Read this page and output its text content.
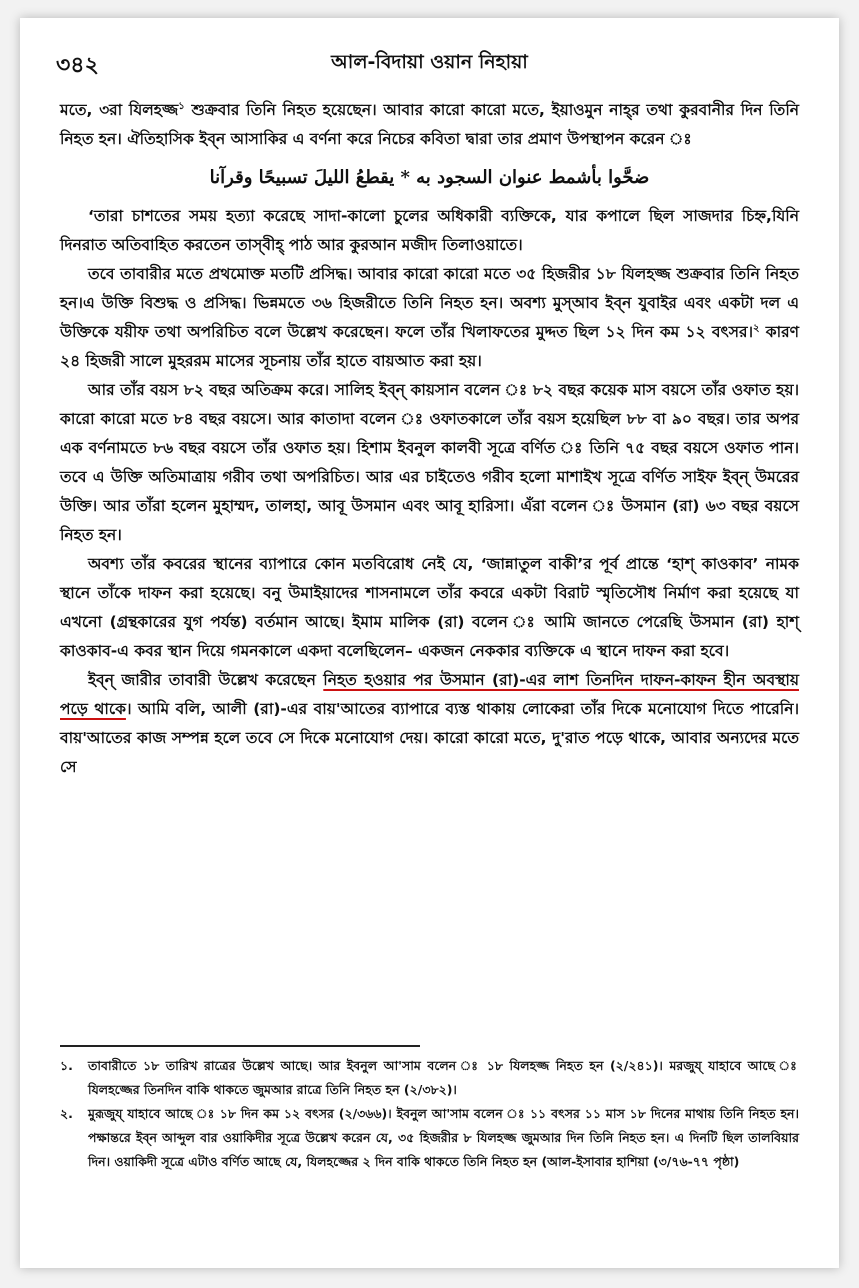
৩৪২	আল-বিদায়া ওয়ান নিহায়া

মতে, ৩রা যিলহজ্জ$^১$ শুক্রবার তিনি নিহত হয়েছেন। আবার কারো কারো মতে, ইয়াওমুন নাহ্‌র তথা কুরবানীর দিন তিনি নিহত হন। ঐতিহাসিক ইব্‌ন আসাকির এ বর্ণনা করে নিচের কবিতা দ্বারা তার প্রমাণ উপস্থাপন করেন ঃ

ضحَّوا بأشمط عنوان السجود به * يقطعُ الليلَ تسبيحًا وقرآنا

‘তারা চাশতের সময় হত্যা করেছে সাদা-কালো চুলের অধিকারী ব্যক্তিকে, যার কপালে ছিল সাজদার চিহ্ন,যিনি দিনরাত অতিবাহিত করতেন তাস্‌বীহ্ পাঠ আর কুরআন মজীদ তিলাওয়াতে।

তবে তাবারীর মতে প্রথমোক্ত মতটি প্রসিদ্ধ। আবার কারো কারো মতে ৩৫ হিজরীর ১৮ যিলহজ্জ শুক্রবার তিনি নিহত হন।এ উক্তি বিশুদ্ধ ও প্রসিদ্ধ। ভিন্নমতে ৩৬ হিজরীতে তিনি নিহত হন। অবশ্য মুস্‌আব ইব্‌ন যুবাইর এবং একটা দল এ উক্তিকে যয়ীফ তথা অপরিচিত বলে উল্লেখ করেছেন। ফলে তাঁর খিলাফতের মুদ্দত ছিল ১২ দিন কম ১২ বৎসর।$^২$ কারণ ২৪ হিজরী সালে মুহররম মাসের সূচনায় তাঁর হাতে বায়আত করা হয়।

আর তাঁর বয়স ৮২ বছর অতিক্রম করে। সালিহ ইব্‌ন্ কায়সান বলেন ঃ ৮২ বছর কয়েক মাস বয়সে তাঁর ওফাত হয়। কারো কারো মতে ৮৪ বছর বয়সে। আর কাতাদা বলেন ঃ ওফাতকালে তাঁর বয়স হয়েছিল ৮৮ বা ৯০ বছর। তার অপর এক বর্ণনামতে ৮৬ বছর বয়সে তাঁর ওফাত হয়। হিশাম ইবনুল কালবী সূত্রে বর্ণিত ঃ তিনি ৭৫ বছর বয়সে ওফাত পান। তবে এ উক্তি অতিমাত্রায় গরীব তথা অপরিচিত। আর এর চাইতেও গরীব হলো মাশাইখ সূত্রে বর্ণিত সাইফ ইব্‌ন্ উমরের উক্তি। আর তাঁরা হলেন মুহাম্মদ, তালহা, আবূ উসমান এবং আবূ হারিসা। এঁরা বলেন ঃ উসমান (রা) ৬৩ বছর বয়সে নিহত হন।

অবশ্য তাঁর কবরের স্থানের ব্যাপারে কোন মতবিরোধ নেই যে, ‘জান্নাতুল বাকী’র পূর্ব প্রান্তে ‘হাশ্ কাওকাব’ নামক স্থানে তাঁকে দাফন করা হয়েছে। বনু উমাইয়াদের শাসনামলে তাঁর কবরে একটা বিরাট স্মৃতিসৌধ নির্মাণ করা হয়েছে যা এখনো (গ্রন্থকারের যুগ পর্যন্ত) বর্তমান আছে। ইমাম মালিক (রা) বলেন ঃ আমি জানতে পেরেছি উসমান (রা) হাশ্ কাওকাব-এ কবর স্থান দিয়ে গমনকালে একদা বলেছিলেন– একজন নেককার ব্যক্তিকে এ স্থানে দাফন করা হবে।

ইব্‌ন্ জারীর তাবারী উল্লেখ করেছেন নিহত হওয়ার পর উসমান (রা)-এর লাশ তিনদিন দাফন-কাফন হীন অবস্থায় পড়ে থাকে। আমি বলি, আলী (রা)-এর বায়'আতের ব্যাপারে ব্যস্ত থাকায় লোকেরা তাঁর দিকে মনোযোগ দিতে পারেনি। বায়'আতের কাজ সম্পন্ন হলে তবে সে দিকে মনোযোগ দেয়। কারো কারো মতে, দু'রাত পড়ে থাকে, আবার অন্যদের মতে সে

১.	তাবারীতে ১৮ তারিখ রাত্রের উল্লেখ আছে। আর ইবনুল আ'সাম বলেন ঃ ১৮ যিলহজ্জ নিহত হন (২/২৪১)। মরজুয্‌ যাহাবে আছে ঃ যিলহজ্জের তিনদিন বাকি থাকতে জুমআর রাত্রে তিনি নিহত হন (২/৩৮২)।
২.	মুরূজুয্ যাহাবে আছে ঃ ১৮ দিন কম ১২ বৎসর (২/৩৬৬)। ইবনুল আ'সাম বলেন ঃ ১১ বৎসর ১১ মাস ১৮ দিনের মাথায় তিনি নিহত হন। পক্ষান্তরে ইব্‌ন আব্দুল বার ওয়াকিদীর সূত্রে উল্লেখ করেন যে, ৩৫ হিজরীর ৮ যিলহজ্জ জুমআর দিন তিনি নিহত হন। এ দিনটি ছিল তালবিয়ার দিন। ওয়াকিদী সূত্রে এটাও বর্ণিত আছে যে, যিলহজ্জের ২ দিন বাকি থাকতে তিনি নিহত হন (আল-ইসাবার হাশিয়া (৩/৭৬-৭৭ পৃষ্ঠা)
